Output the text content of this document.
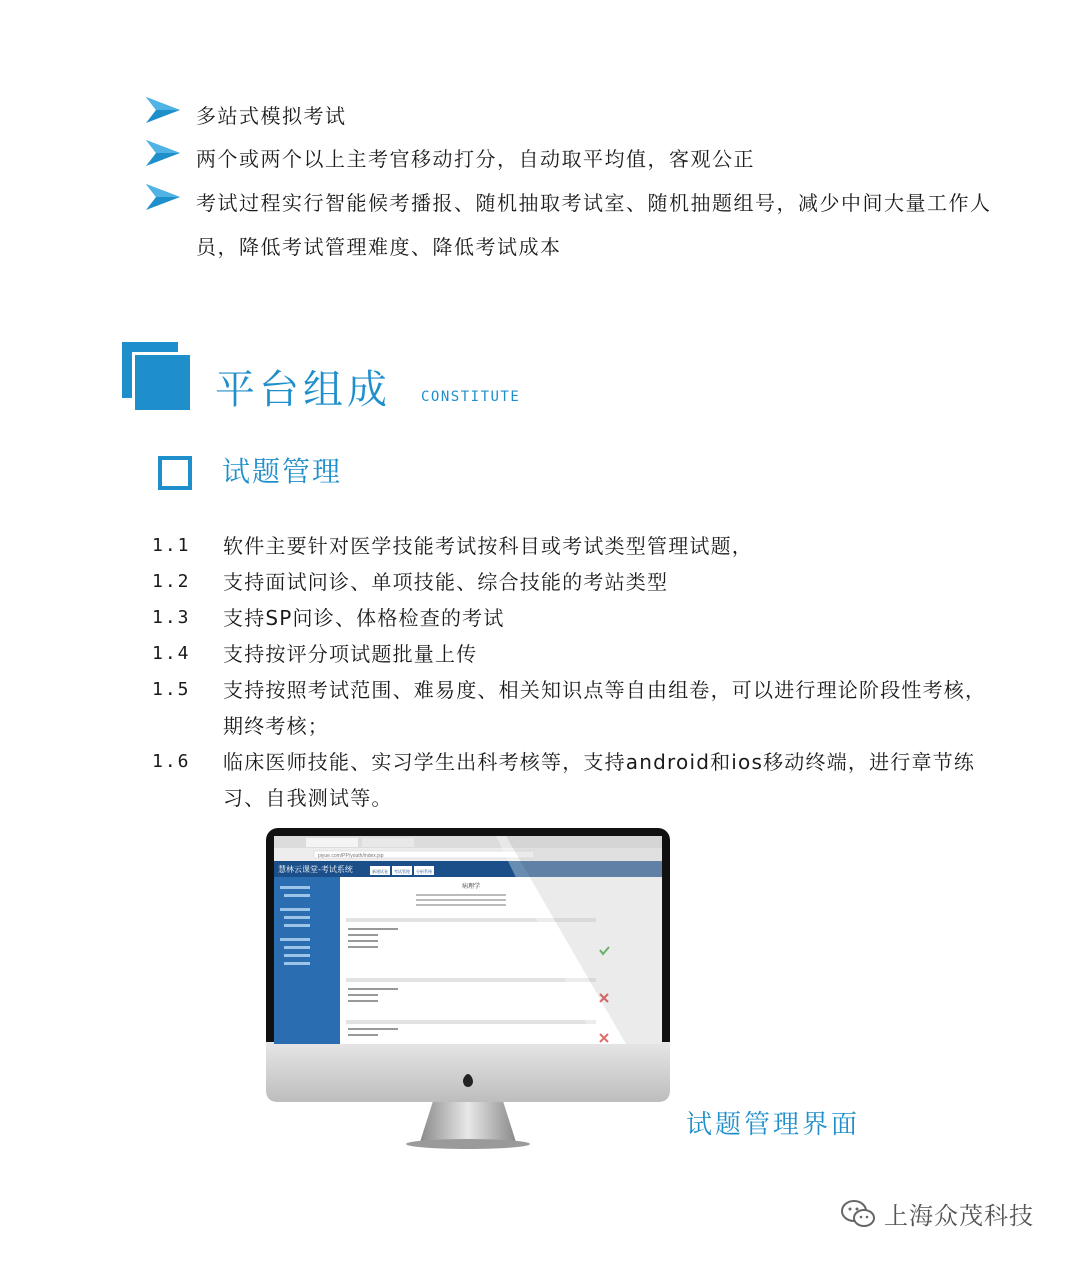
多站式模拟考试
两个或两个以上主考官移动打分，自动取平均值，客观公正
考试过程实行智能候考播报、随机抽取考试室、随机抽题组号，减少中间大量工作人员，降低考试管理难度、降低考试成本
平台组成 CONSTITUTE
试题管理
1.1 软件主要针对医学技能考试按科目或考试类型管理试题，
1.2 支持面试问诊、单项技能、综合技能的考站类型
1.3 支持SP问诊、体格检查的考试
1.4 支持按评分项试题批量上传
1.5 支持按照考试范围、难易度、相关知识点等自由组卷，可以进行理论阶段性考核，期终考核；
1.6 临床医师技能、实习学生出科考核等，支持android和ios移动终端，进行章节练习、自我测试等。
piyue.com/PP/youth/index.jsp
慧林云课堂-考试系统	新建试卷 考试管理 分析系统
病理学
试题管理界面
上海众茂科技
